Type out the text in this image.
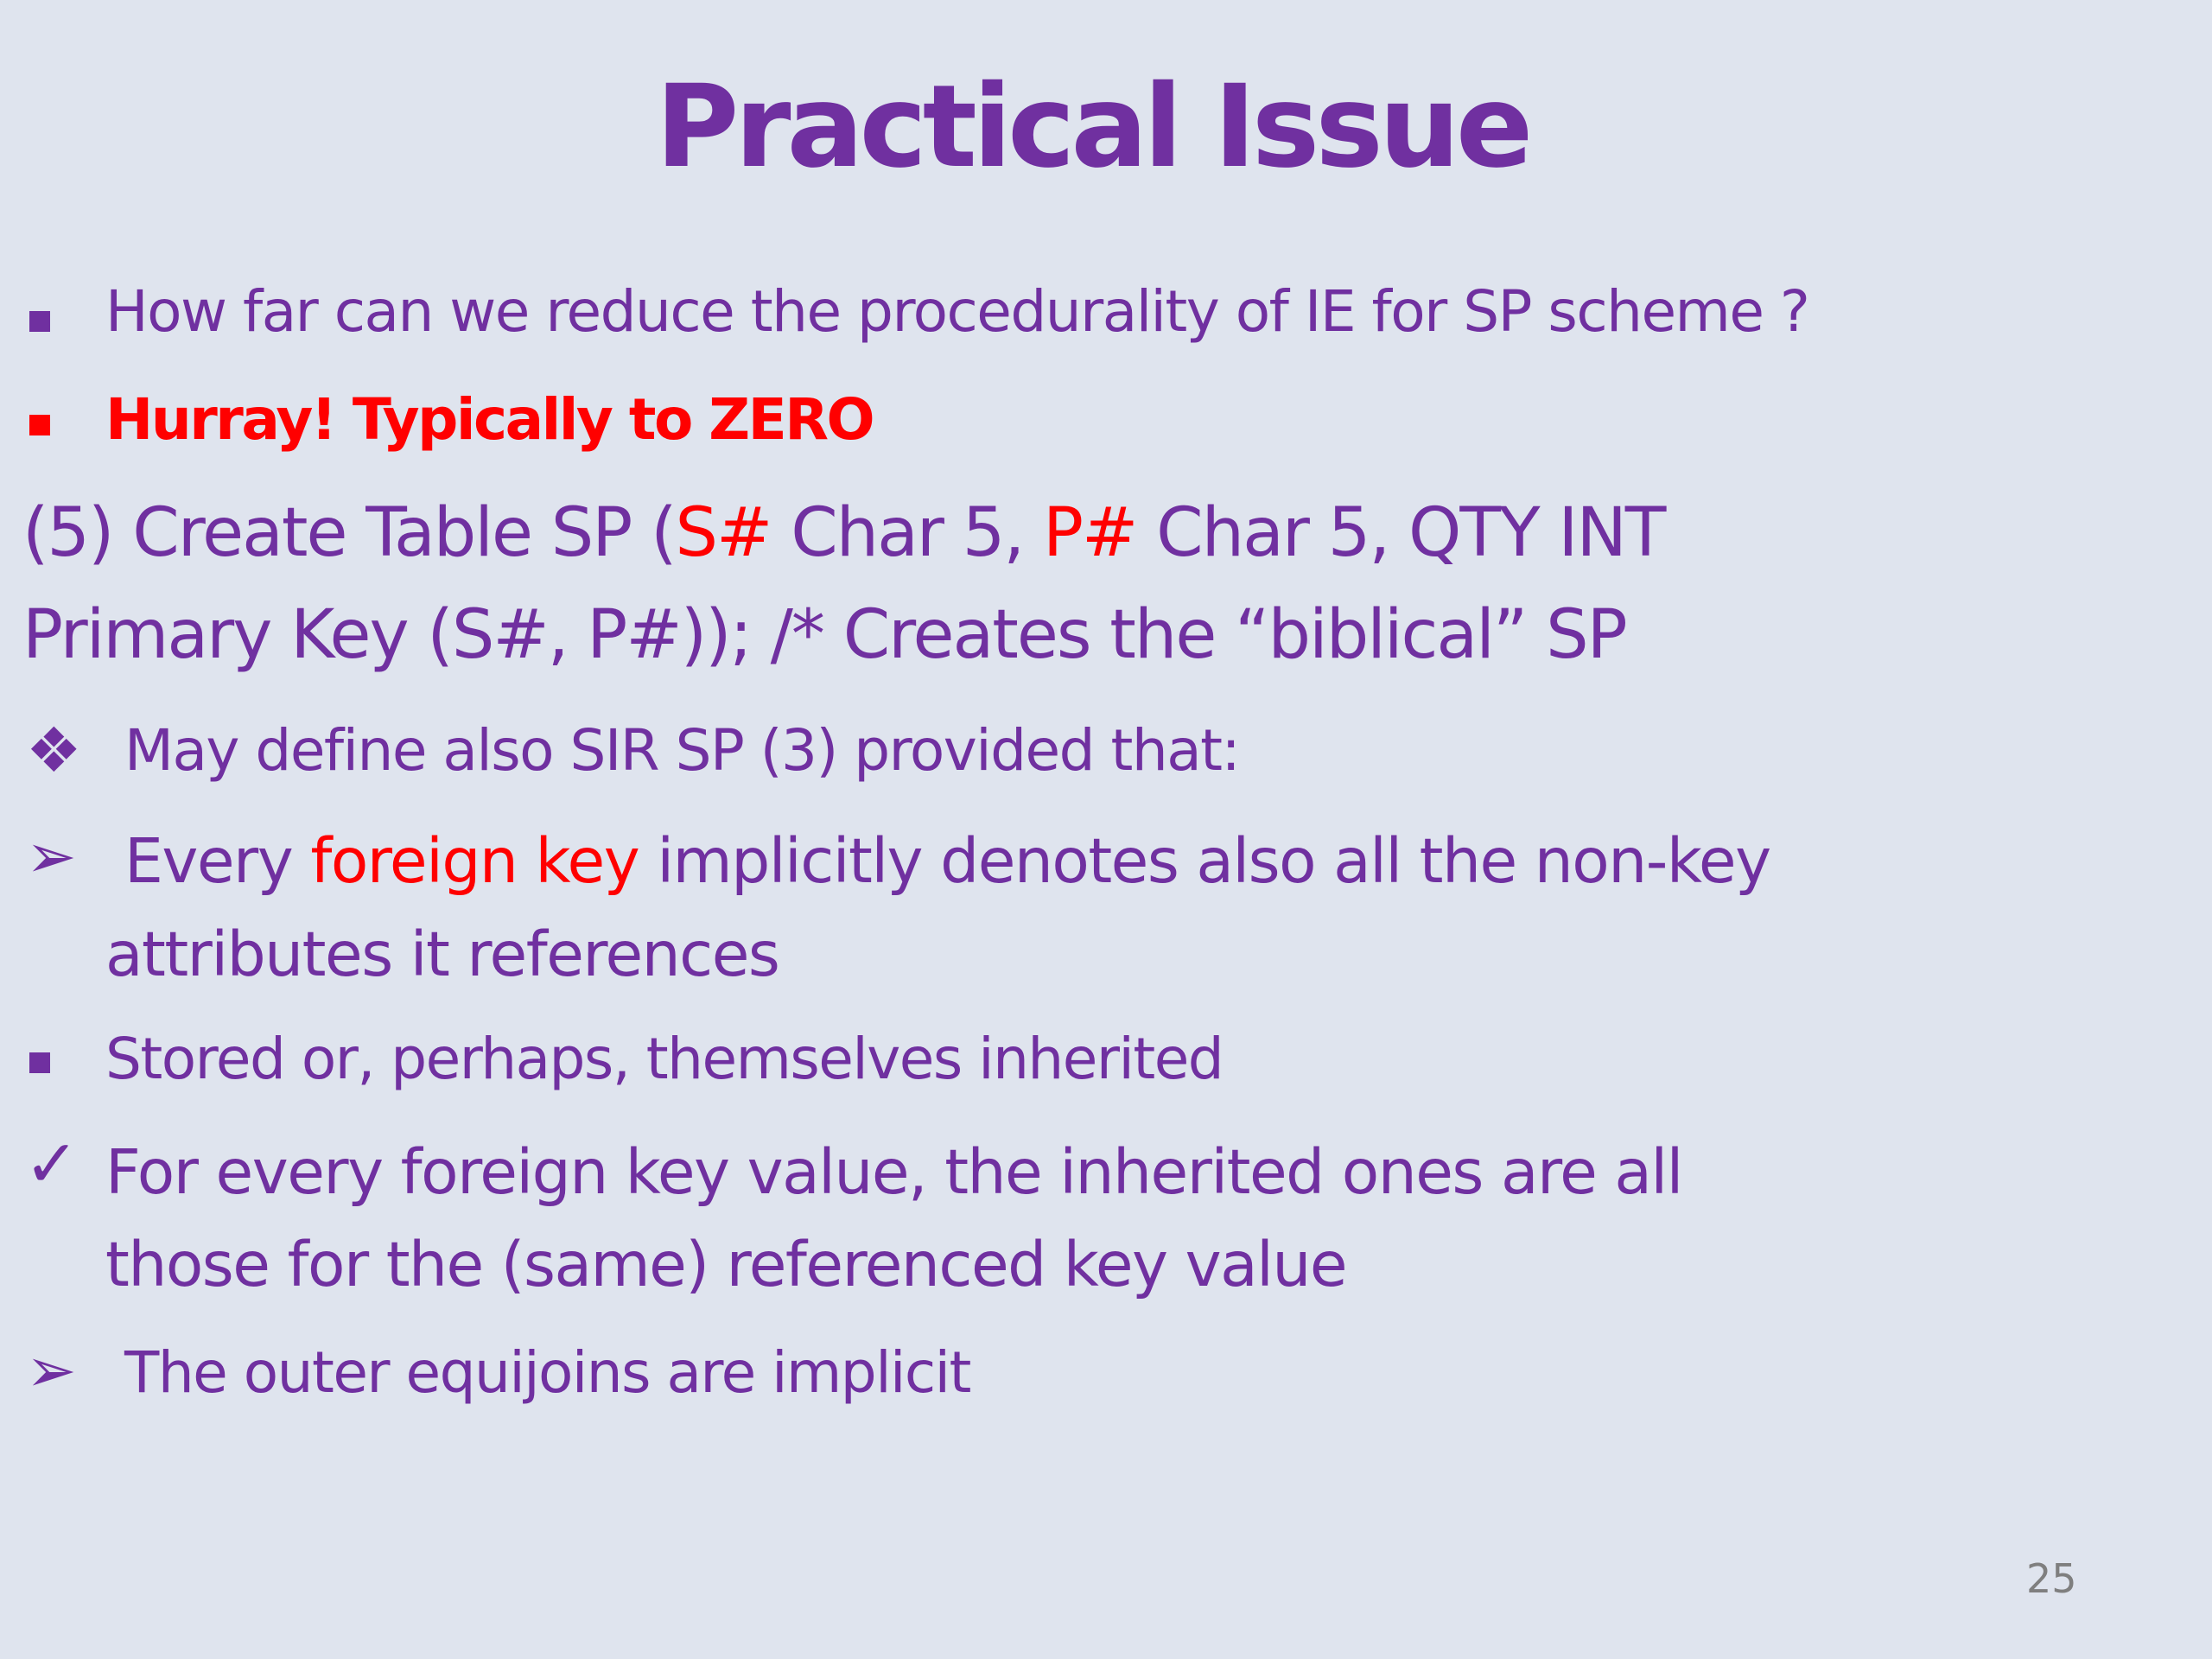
Practical Issue
How far can we reduce the procedurality of IE for SP scheme ?
Hurray! Typically to ZERO
(5) Create Table SP (S# Char 5, P# Char 5, QTY INT
Primary Key (S#, P#)); /* Creates the “biblical” SP
❖ May define also SIR SP (3) provided that:
➢ Every foreign key implicitly denotes also all the non-key
attributes it references
Stored or, perhaps, themselves inherited
✓ For every foreign key value, the inherited ones are all
those for the (same) referenced key value
➢ The outer equijoins are implicit
25
